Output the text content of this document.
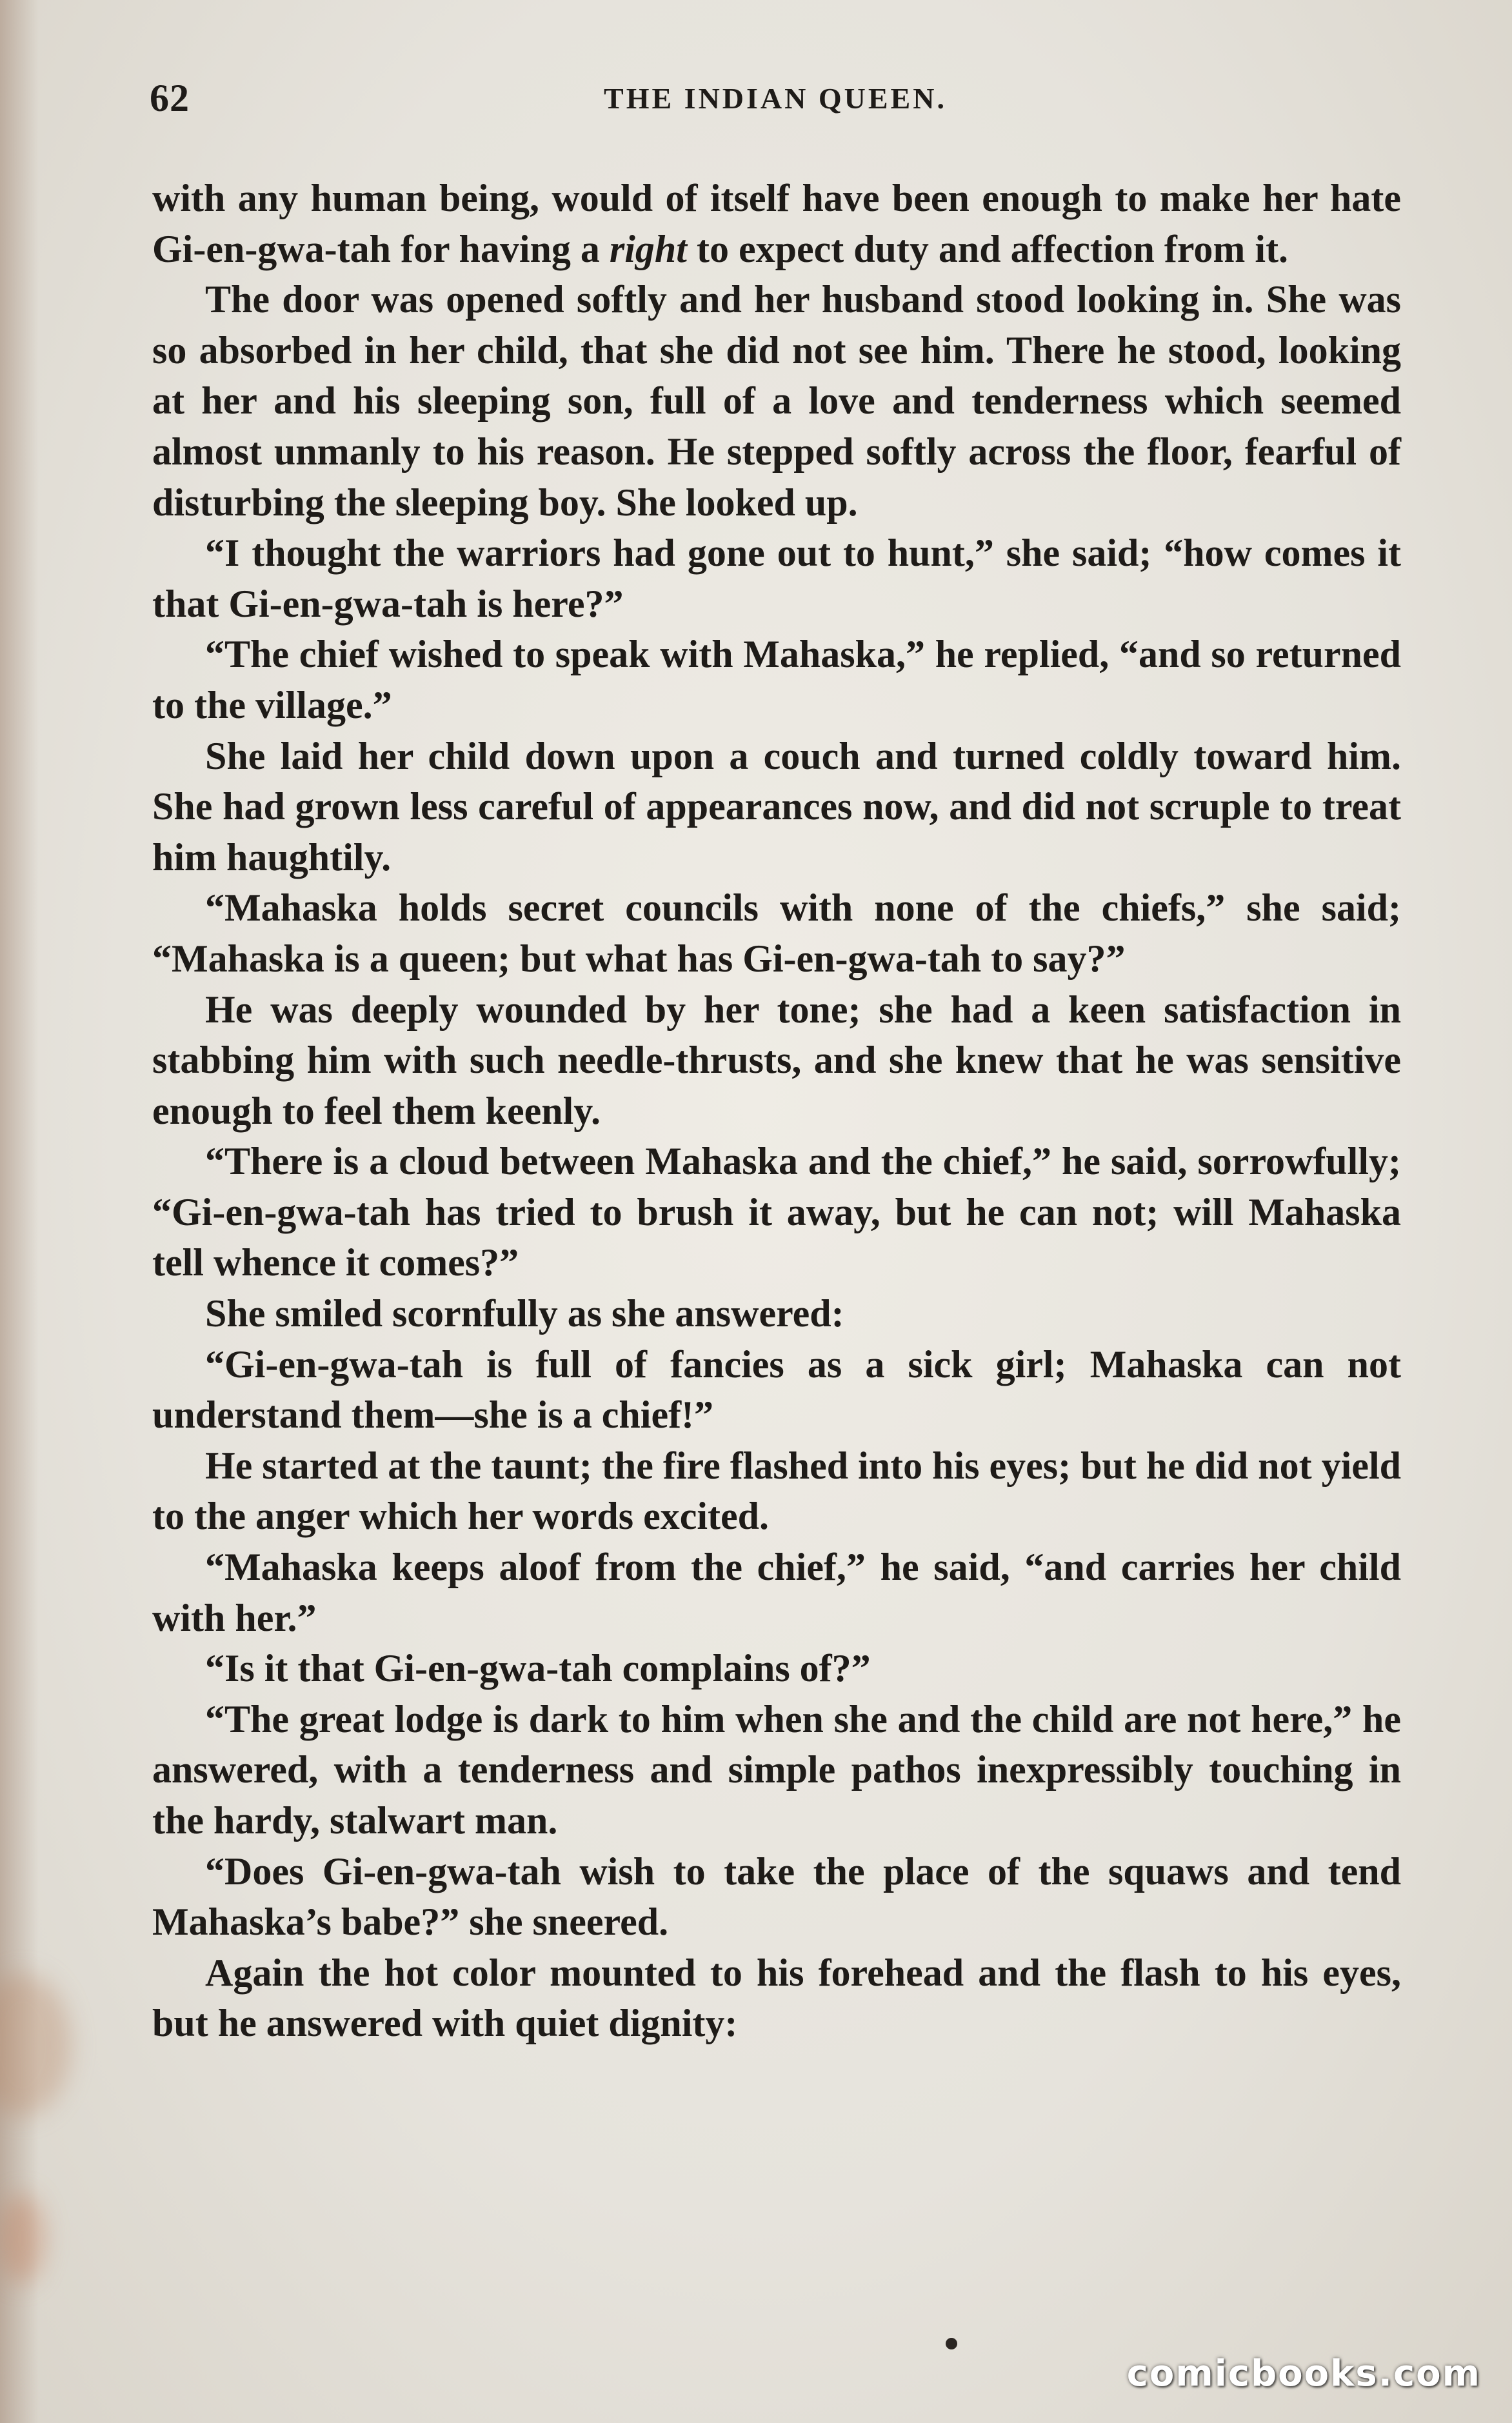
62	THE INDIAN QUEEN.

with any human being, would of itself have been enough to make her hate Gi-en-gwa-tah for having a right to expect duty and affection from it.

The door was opened softly and her husband stood looking in. She was so absorbed in her child, that she did not see him. There he stood, looking at her and his sleeping son, full of a love and tenderness which seemed almost unmanly to his reason. He stepped softly across the floor, fearful of disturbing the sleeping boy. She looked up.

“I thought the warriors had gone out to hunt,” she said; “how comes it that Gi-en-gwa-tah is here?”

“The chief wished to speak with Mahaska,” he replied, “and so returned to the village.”

She laid her child down upon a couch and turned coldly toward him. She had grown less careful of appearances now, and did not scruple to treat him haughtily.

“Mahaska holds secret councils with none of the chiefs,” she said; “Mahaska is a queen; but what has Gi-en-gwa-tah to say?”

He was deeply wounded by her tone; she had a keen satisfaction in stabbing him with such needle-thrusts, and she knew that he was sensitive enough to feel them keenly.

“There is a cloud between Mahaska and the chief,” he said, sorrowfully; “Gi-en-gwa-tah has tried to brush it away, but he can not; will Mahaska tell whence it comes?”

She smiled scornfully as she answered:

“Gi-en-gwa-tah is full of fancies as a sick girl; Mahaska can not understand them—she is a chief!”

He started at the taunt; the fire flashed into his eyes; but he did not yield to the anger which her words excited.

“Mahaska keeps aloof from the chief,” he said, “and carries her child with her.”

“Is it that Gi-en-gwa-tah complains of?”

“The great lodge is dark to him when she and the child are not here,” he answered, with a tenderness and simple pathos inexpressibly touching in the hardy, stalwart man.

“Does Gi-en-gwa-tah wish to take the place of the squaws and tend Mahaska’s babe?” she sneered.

Again the hot color mounted to his forehead and the flash to his eyes, but he answered with quiet dignity:

comicbooks.com
